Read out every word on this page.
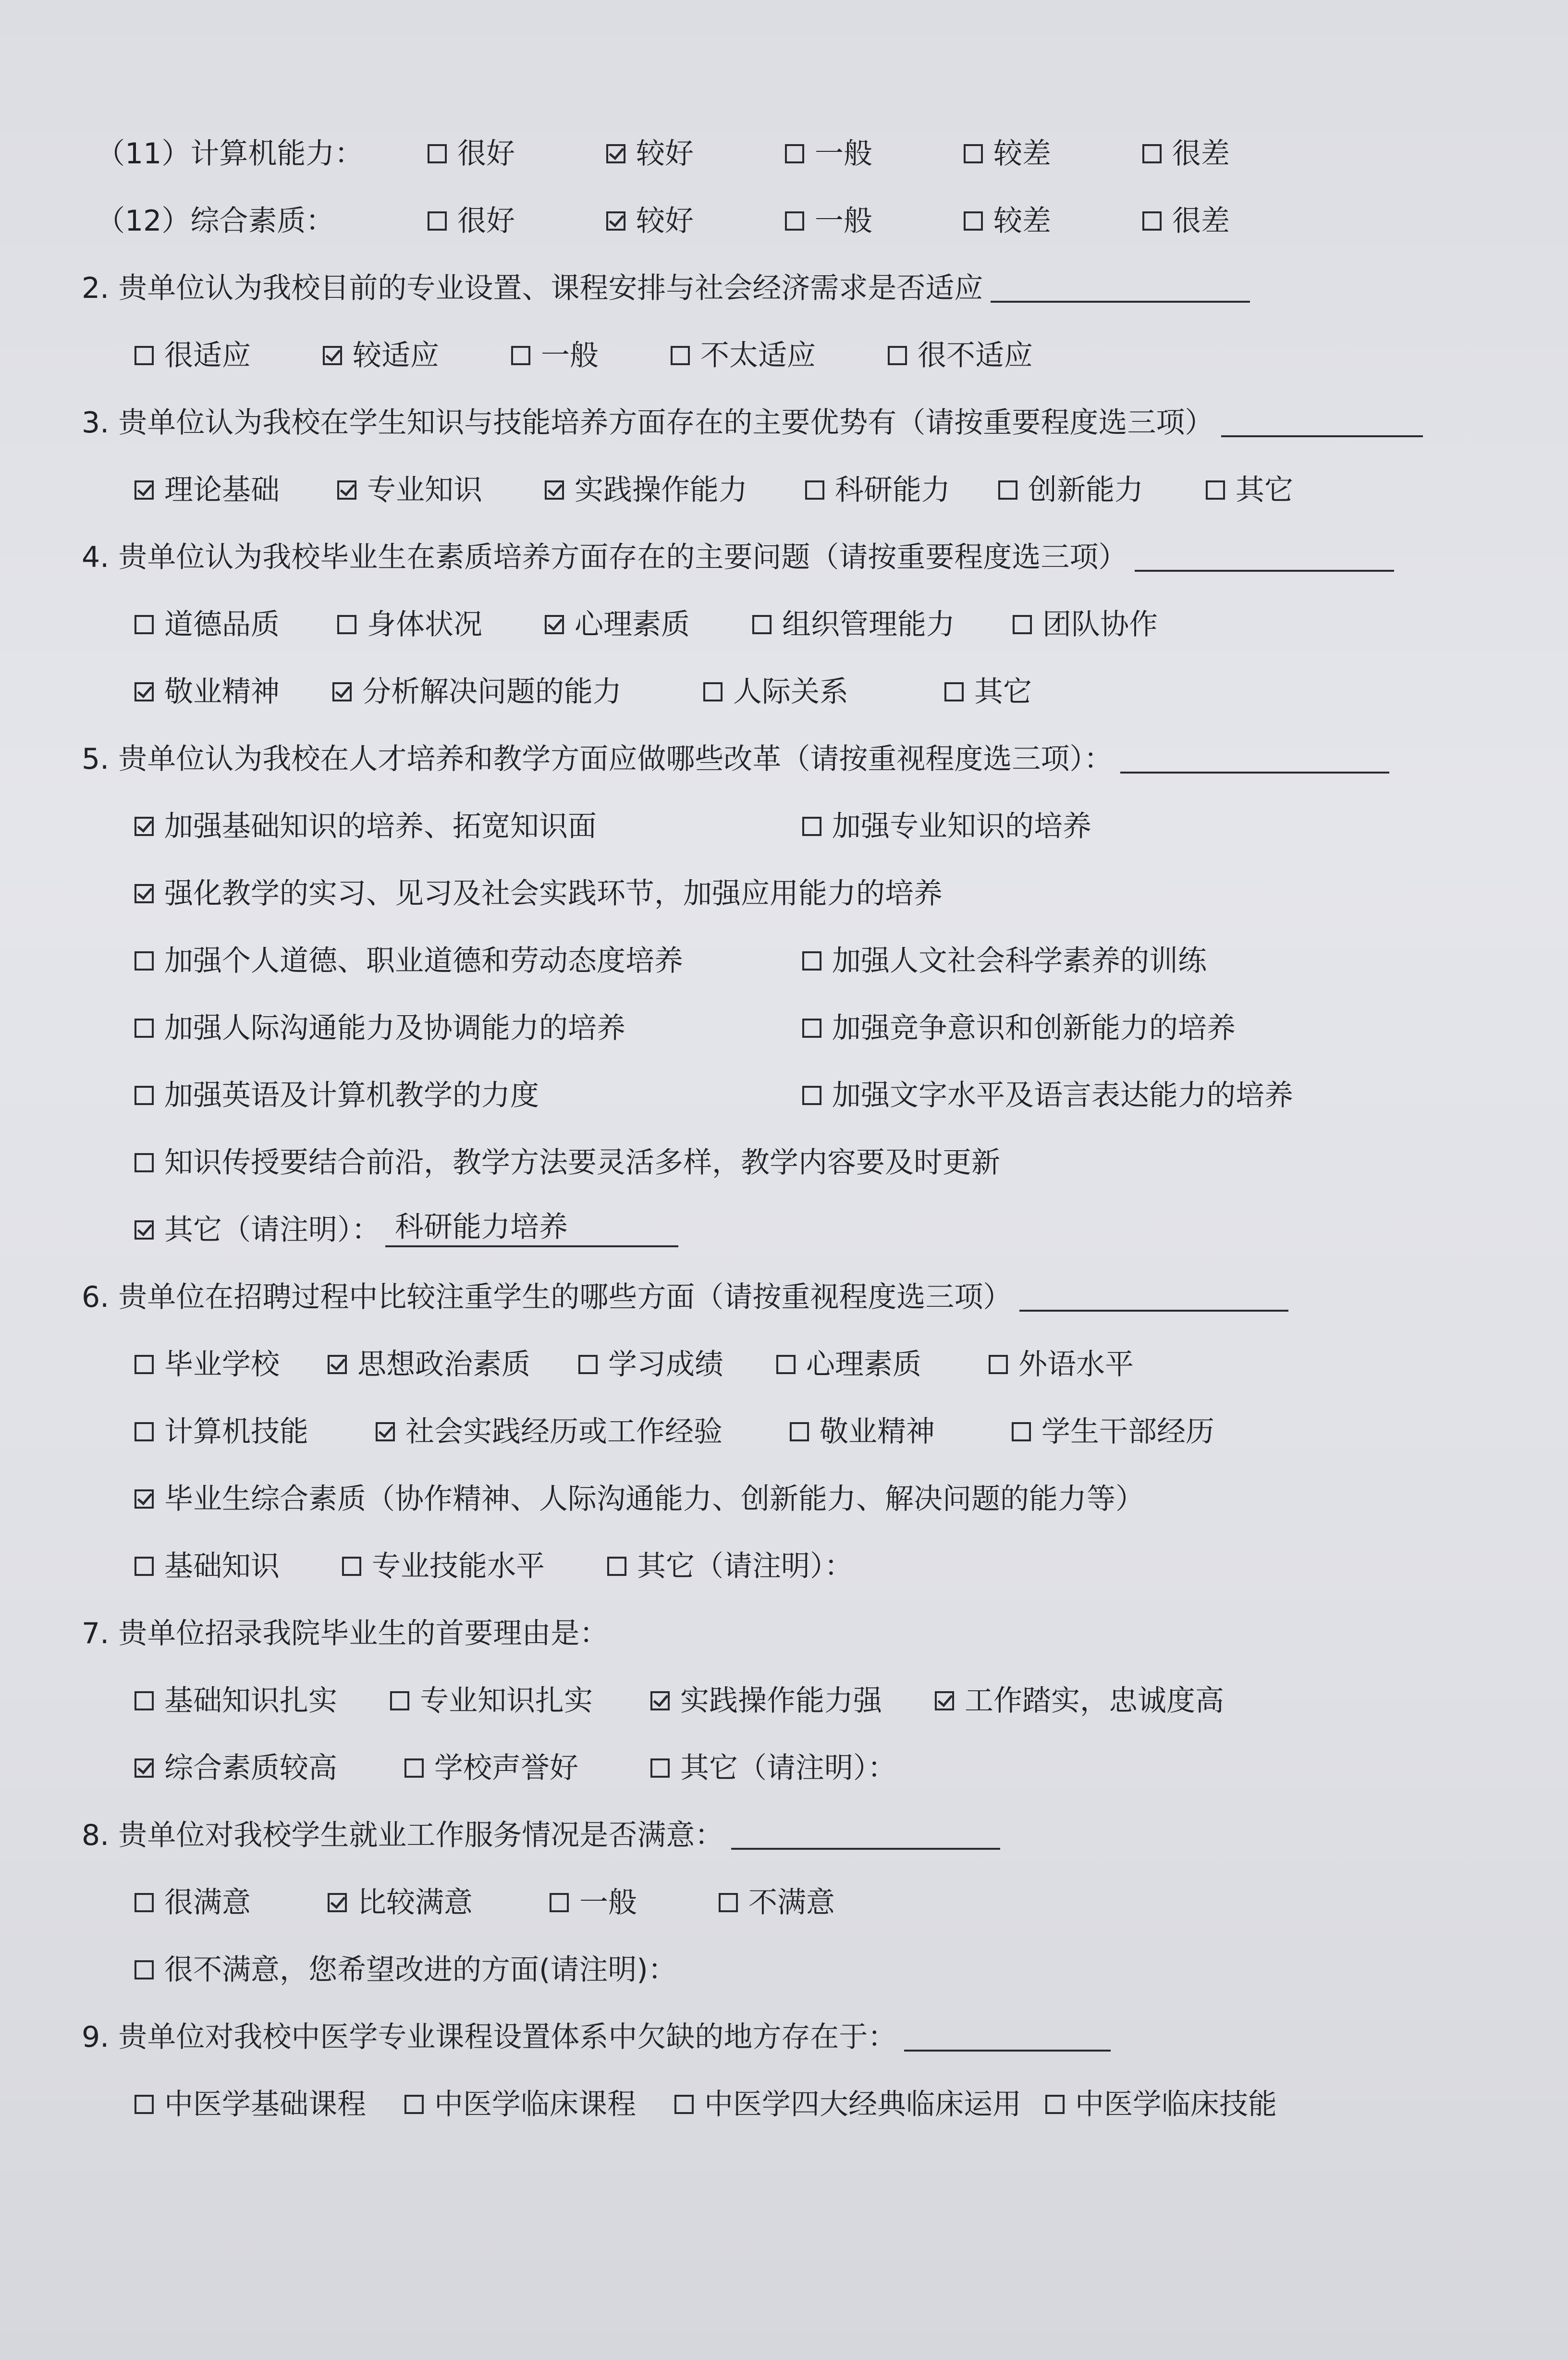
（11）计算机能力：	很好	较好	一般	较差	很差
（12）综合素质：	很好	较好	一般	较差	很差
2. 贵单位认为我校目前的专业设置、课程安排与社会经济需求是否适应
很适应	较适应	一般	不太适应	很不适应
3. 贵单位认为我校在学生知识与技能培养方面存在的主要优势有（请按重要程度选三项）
理论基础	专业知识	实践操作能力	科研能力	创新能力	其它
4. 贵单位认为我校毕业生在素质培养方面存在的主要问题（请按重要程度选三项）
道德品质	身体状况	心理素质	组织管理能力	团队协作
敬业精神	分析解决问题的能力	人际关系	其它
5. 贵单位认为我校在人才培养和教学方面应做哪些改革（请按重视程度选三项）：
加强基础知识的培养、拓宽知识面	加强专业知识的培养
强化教学的实习、见习及社会实践环节，加强应用能力的培养
加强个人道德、职业道德和劳动态度培养	加强人文社会科学素养的训练
加强人际沟通能力及协调能力的培养	加强竞争意识和创新能力的培养
加强英语及计算机教学的力度	加强文字水平及语言表达能力的培养
知识传授要结合前沿，教学方法要灵活多样，教学内容要及时更新
其它（请注明）： 科研能力培养
6. 贵单位在招聘过程中比较注重学生的哪些方面（请按重视程度选三项）
毕业学校	思想政治素质	学习成绩	心理素质	外语水平
计算机技能	社会实践经历或工作经验	敬业精神	学生干部经历
毕业生综合素质（协作精神、人际沟通能力、创新能力、解决问题的能力等）
基础知识	专业技能水平	其它（请注明）：
7. 贵单位招录我院毕业生的首要理由是：
基础知识扎实	专业知识扎实	实践操作能力强	工作踏实，忠诚度高
综合素质较高	学校声誉好	其它（请注明）：
8. 贵单位对我校学生就业工作服务情况是否满意：
很满意	比较满意	一般	不满意
很不满意，您希望改进的方面(请注明)：
9. 贵单位对我校中医学专业课程设置体系中欠缺的地方存在于：
中医学基础课程 中医学临床课程 中医学四大经典临床运用 中医学临床技能
